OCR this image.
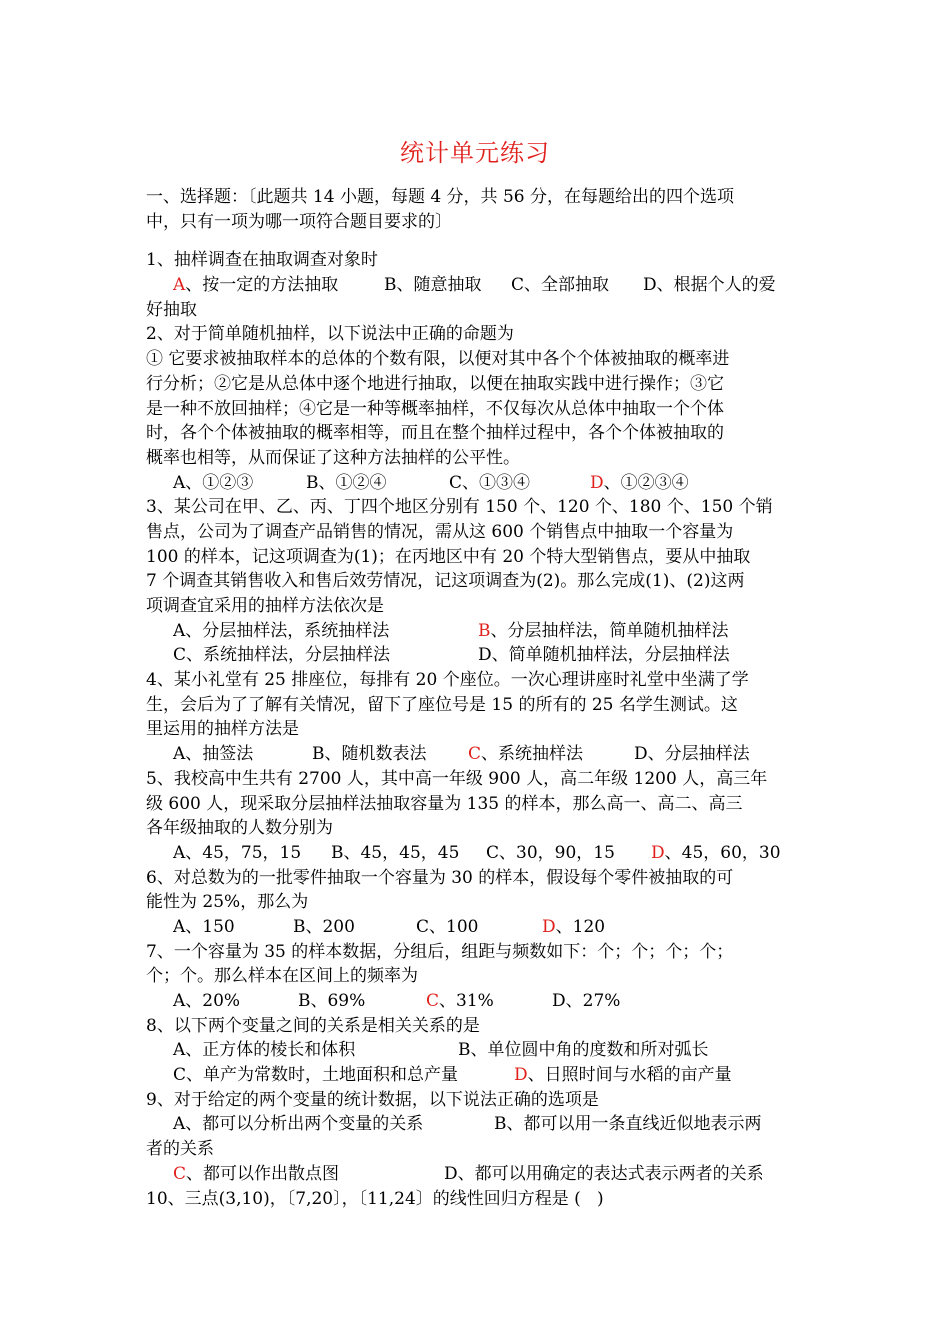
统计单元练习
一、选择题：〔此题共 14 小题，每题 4 分，共 56 分，在每题给出的四个选项
中，只有一项为哪一项符合题目要求的〕
1、抽样调查在抽取调查对象时
A、按一定的方法抽取	B、随意抽取 C、全部抽取 D、根据个人的爱
好抽取
2、对于简单随机抽样，以下说法中正确的命题为
① 它要求被抽取样本的总体的个数有限，以便对其中各个个体被抽取的概率进
行分析；②它是从总体中逐个地进行抽取，以便在抽取实践中进行操作；③它
是一种不放回抽样；④它是一种等概率抽样，不仅每次从总体中抽取一个个体
时，各个个体被抽取的概率相等，而且在整个抽样过程中，各个个体被抽取的
概率也相等，从而保证了这种方法抽样的公平性。
A、①②③	B、①②④	C、①③④	D、①②③④
3、某公司在甲、乙、丙、丁四个地区分别有 150 个、120 个、180 个、150 个销
售点，公司为了调查产品销售的情况，需从这 600 个销售点中抽取一个容量为
100 的样本，记这项调查为(1)；在丙地区中有 20 个特大型销售点，要从中抽取
7 个调查其销售收入和售后效劳情况，记这项调查为(2)。那么完成(1)、(2)这两
项调查宜采用的抽样方法依次是
A、分层抽样法，系统抽样法	B、分层抽样法，简单随机抽样法
C、系统抽样法，分层抽样法	D、简单随机抽样法，分层抽样法
4、某小礼堂有 25 排座位，每排有 20 个座位。一次心理讲座时礼堂中坐满了学
生，会后为了了解有关情况，留下了座位号是 15 的所有的 25 名学生测试。这
里运用的抽样方法是
A、抽签法	B、随机数表法 C、系统抽样法	D、分层抽样法
5、我校高中生共有 2700 人，其中高一年级 900 人，高二年级 1200 人，高三年
级 600 人，现采取分层抽样法抽取容量为 135 的样本，那么高一、高二、高三
各年级抽取的人数分别为
A、45，75，15 B、45，45，45 C、30，90，15 D、45，60，30
6、对总数为的一批零件抽取一个容量为 30 的样本，假设每个零件被抽取的可
能性为 25%，那么为
A、150	B、200	C、100	D、120
7、一个容量为 35 的样本数据，分组后，组距与频数如下：个；个；个；个；
个；个。那么样本在区间上的频率为
A、20%	B、69%	C、31%	D、27%
8、以下两个变量之间的关系是相关关系的是
A、正方体的棱长和体积	B、单位圆中角的度数和所对弧长
C、单产为常数时，土地面积和总产量	D、日照时间与水稻的亩产量
9、对于给定的两个变量的统计数据，以下说法正确的选项是
A、都可以分析出两个变量的关系	B、都可以用一条直线近似地表示两
者的关系
C、都可以作出散点图	D、都可以用确定的表达式表示两者的关系
10、三点(3,10)，〔7,20〕，〔11,24〕的线性回归方程是 (   )
